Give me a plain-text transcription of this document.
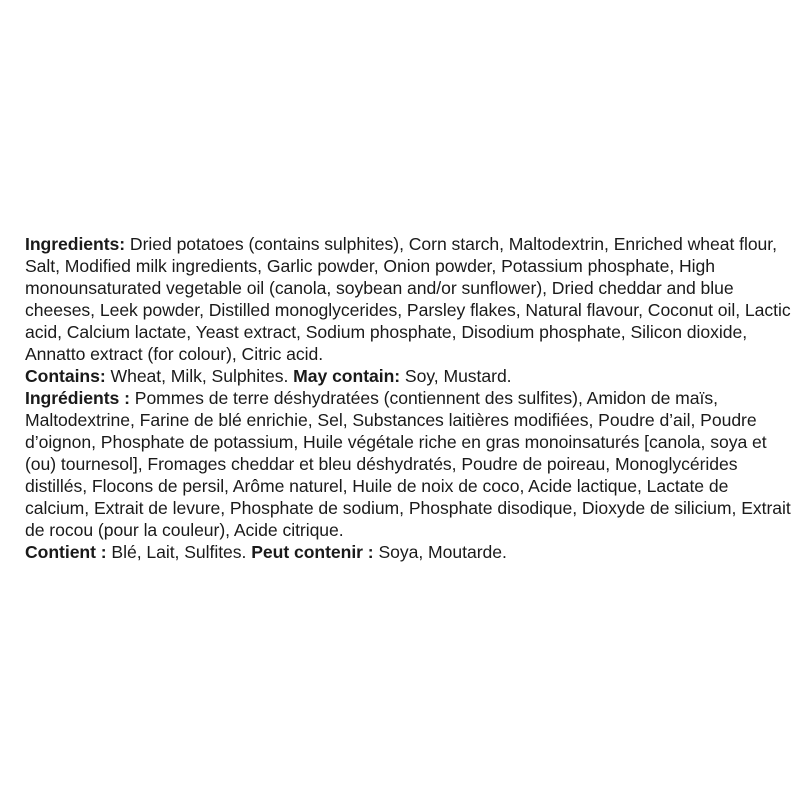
Ingredients: Dried potatoes (contains sulphites), Corn starch, Maltodextrin, Enriched wheat flour, Salt, Modified milk ingredients, Garlic powder, Onion powder, Potassium phosphate, High monounsaturated vegetable oil (canola, soybean and/or sunflower), Dried cheddar and blue cheeses, Leek powder, Distilled monoglycerides, Parsley flakes, Natural flavour, Coconut oil, Lactic acid, Calcium lactate, Yeast extract, Sodium phosphate, Disodium phosphate, Silicon dioxide, Annatto extract (for colour), Citric acid.

Contains: Wheat, Milk, Sulphites. May contain: Soy, Mustard.

Ingrédients : Pommes de terre déshydratées (contiennent des sulfites), Amidon de maïs, Maltodextrine, Farine de blé enrichie, Sel, Substances laitières modifiées, Poudre d’ail, Poudre d’oignon, Phosphate de potassium, Huile végétale riche en gras monoinsaturés [canola, soya et (ou) tournesol], Fromages cheddar et bleu déshydratés, Poudre de poireau, Monoglycérides distillés, Flocons de persil, Arôme naturel, Huile de noix de coco, Acide lactique, Lactate de calcium, Extrait de levure, Phosphate de sodium, Phosphate disodique, Dioxyde de silicium, Extrait de rocou (pour la couleur), Acide citrique.

Contient : Blé, Lait, Sulfites. Peut contenir : Soya, Moutarde.
